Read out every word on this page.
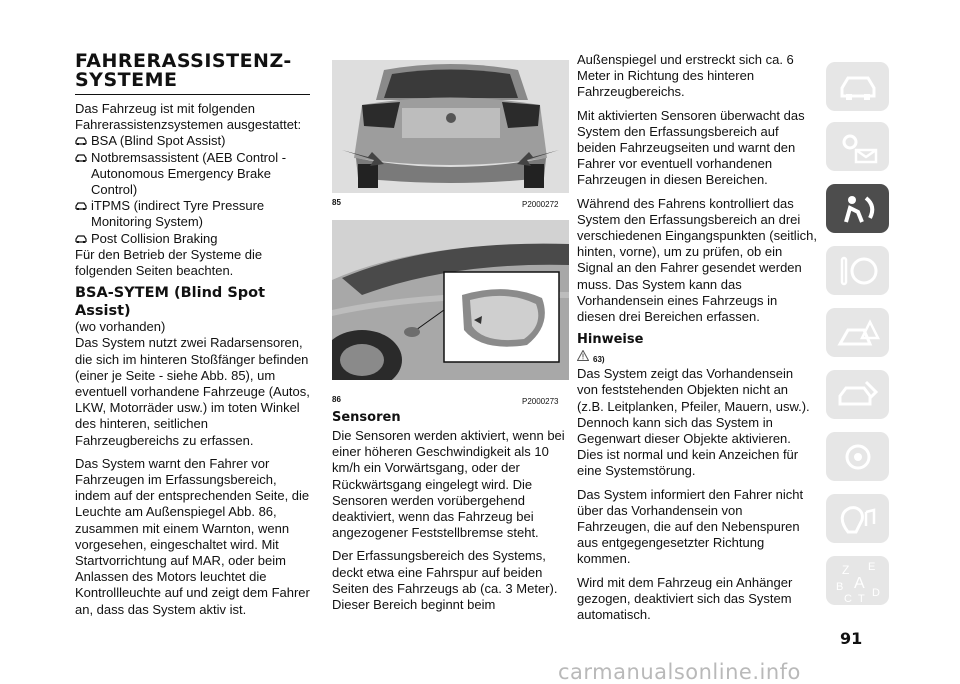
FAHRERASSISTENZ-
SYSTEME

Das Fahrzeug ist mit folgenden Fahrerassistenzsystemen ausgestattet:

BSA (Blind Spot Assist)
Notbremsassistent (AEB Control - Autonomous Emergency Brake Control)
iTPMS (indirect Tyre Pressure Monitoring System)
Post Collision Braking

Für den Betrieb der Systeme die folgenden Seiten beachten.

BSA-SYTEM (Blind Spot
Assist)

(wo vorhanden)

Das System nutzt zwei Radarsensoren, die sich im hinteren Stoßfänger befinden (einer je Seite - siehe Abb. 85), um eventuell vorhandene Fahrzeuge (Autos, LKW, Motorräder usw.) im toten Winkel des hinteren, seitlichen Fahrzeugbereichs zu erfassen.

Das System warnt den Fahrer vor Fahrzeugen im Erfassungsbereich, indem auf der entsprechenden Seite, die Leuchte am Außenspiegel Abb. 86, zusammen mit einem Warnton, wenn vorgesehen, eingeschaltet wird. Mit Startvorrichtung auf MAR, oder beim Anlassen des Motors leuchtet die Kontrollleuchte auf und zeigt dem Fahrer an, dass das System aktiv ist.

85	P2000272
86	P2000273
Sensoren

Die Sensoren werden aktiviert, wenn bei einer höheren Geschwindigkeit als 10 km/h ein Vorwärtsgang, oder der Rückwärtsgang eingelegt wird. Die Sensoren werden vorübergehend deaktiviert, wenn das Fahrzeug bei angezogener Feststellbremse steht.

Der Erfassungsbereich des Systems, deckt etwa eine Fahrspur auf beiden Seiten des Fahrzeugs ab (ca. 3 Meter). Dieser Bereich beginnt beim

Außenspiegel und erstreckt sich ca. 6 Meter in Richtung des hinteren Fahrzeugbereichs.

Mit aktivierten Sensoren überwacht das System den Erfassungsbereich auf beiden Fahrzeugseiten und warnt den Fahrer vor eventuell vorhandenen Fahrzeugen in diesen Bereichen.

Während des Fahrens kontrolliert das System den Erfassungsbereich an drei verschiedenen Eingangspunkten (seitlich, hinten, vorne), um zu prüfen, ob ein Signal an den Fahrer gesendet werden muss. Das System kann das Vorhandensein eines Fahrzeugs in diesen drei Bereichen erfassen.

Hinweise
63)

Das System zeigt das Vorhandensein von feststehenden Objekten nicht an (z.B. Leitplanken, Pfeiler, Mauern, usw.). Dennoch kann sich das System in Gegenwart dieser Objekte aktivieren. Dies ist normal und kein Anzeichen für eine Systemstörung.

Das System informiert den Fahrer nicht über das Vorhandensein von Fahrzeugen, die auf den Nebenspuren aus entgegengesetzter Richtung kommen.

Wird mit dem Fahrzeug ein Anhänger gezogen, deaktiviert sich das System automatisch.

Z E
B A
C T D
91
carmanualsonline.info
